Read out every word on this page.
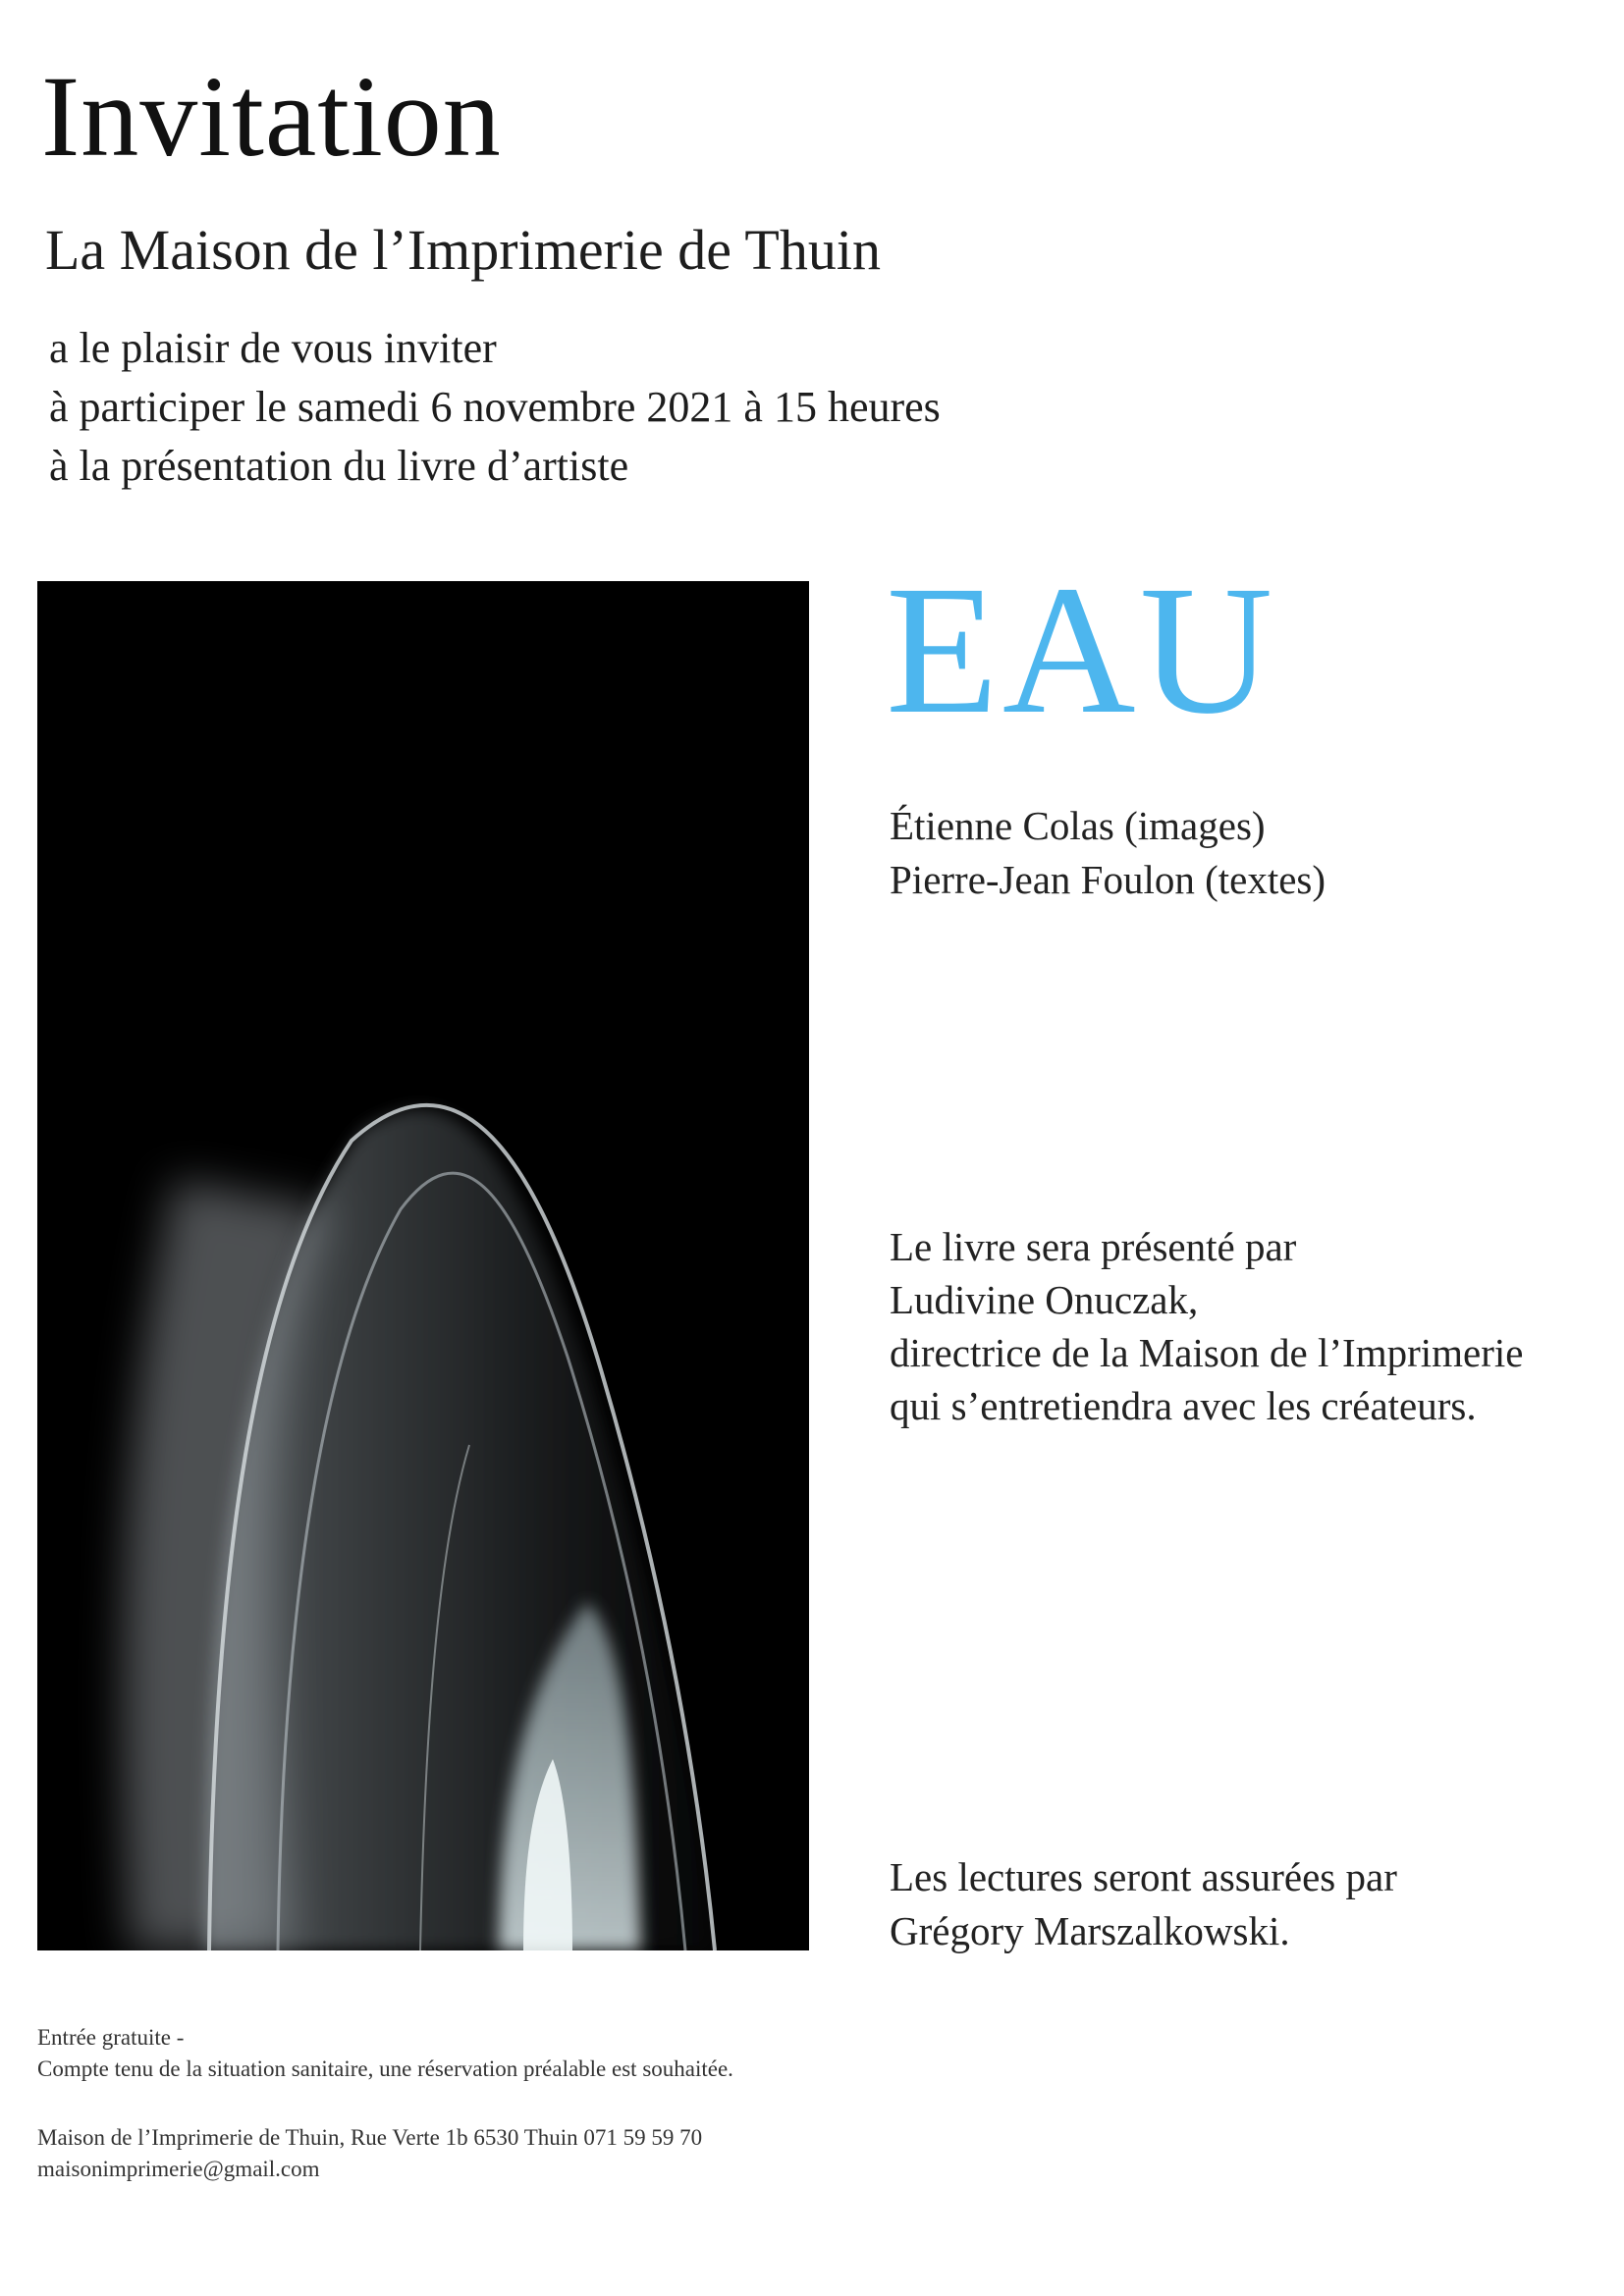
Invitation
La Maison de l’Imprimerie de Thuin
a le plaisir de vous inviter
à participer le samedi 6 novembre 2021 à 15 heures
à la présentation du livre d’artiste
EAU
Étienne Colas (images)
Pierre-Jean Foulon (textes)
Le livre sera présenté par
Ludivine Onuczak,
directrice de la Maison de l’Imprimerie
qui s’entretiendra avec les créateurs.
Les lectures seront assurées par
Grégory Marszalkowski.
Entrée gratuite -
Compte tenu de la situation sanitaire, une réservation préalable est souhaitée.
Maison de l’Imprimerie de Thuin, Rue Verte 1b 6530 Thuin 071 59 59 70
maisonimprimerie@gmail.com
